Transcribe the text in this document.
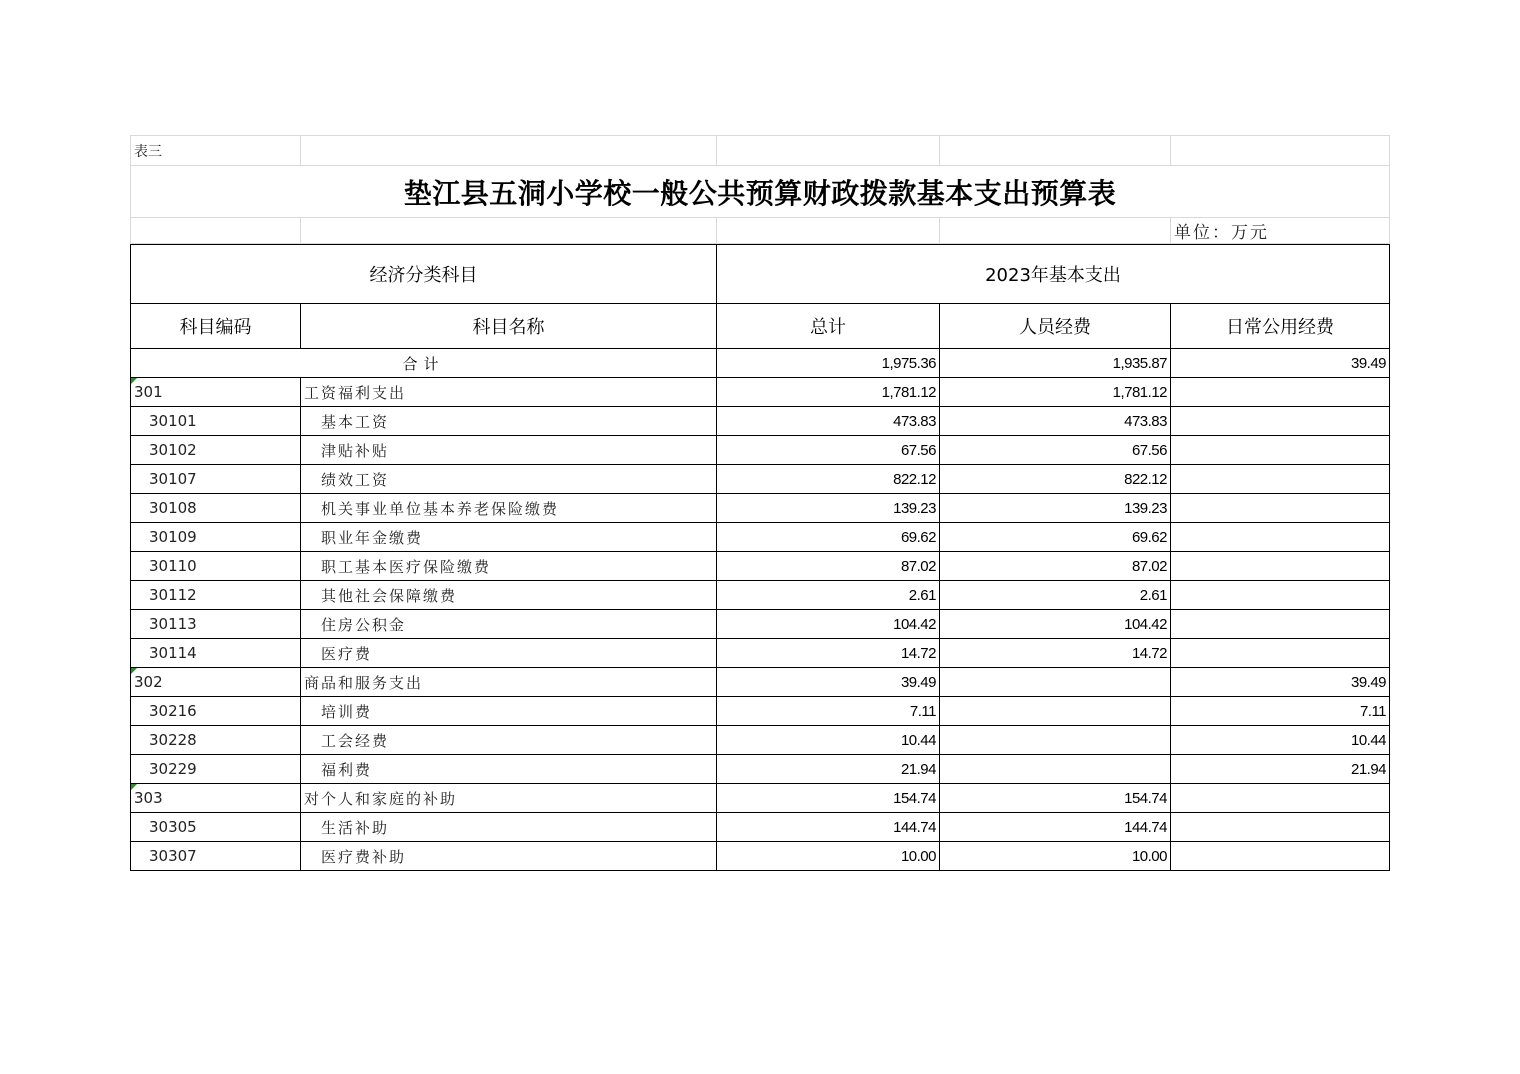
表三				
垫江县五洞小学校一般公共预算财政拨款基本支出预算表				
				单位：万元
经济分类科目		2023年基本支出		
科目编码	科目名称	总计	人员经费	日常公用经费
合计		1,975.36	1,935.87	39.49

301	工资福利支出	1,781.12	1,781.12	
30101	基本工资	473.83	473.83	
30102	津贴补贴	67.56	67.56	
30107	绩效工资	822.12	822.12	
30108	机关事业单位基本养老保险缴费	139.23	139.23	
30109	职业年金缴费	69.62	69.62	
30110	职工基本医疗保险缴费	87.02	87.02	
30112	其他社会保障缴费	2.61	2.61	
30113	住房公积金	104.42	104.42	
30114	医疗费	14.72	14.72	

302	商品和服务支出	39.49		39.49
30216	培训费	7.11		7.11
30228	工会经费	10.44		10.44
30229	福利费	21.94		21.94

303	对个人和家庭的补助	154.74	154.74	
30305	生活补助	144.74	144.74	
30307	医疗费补助	10.00	10.00	
